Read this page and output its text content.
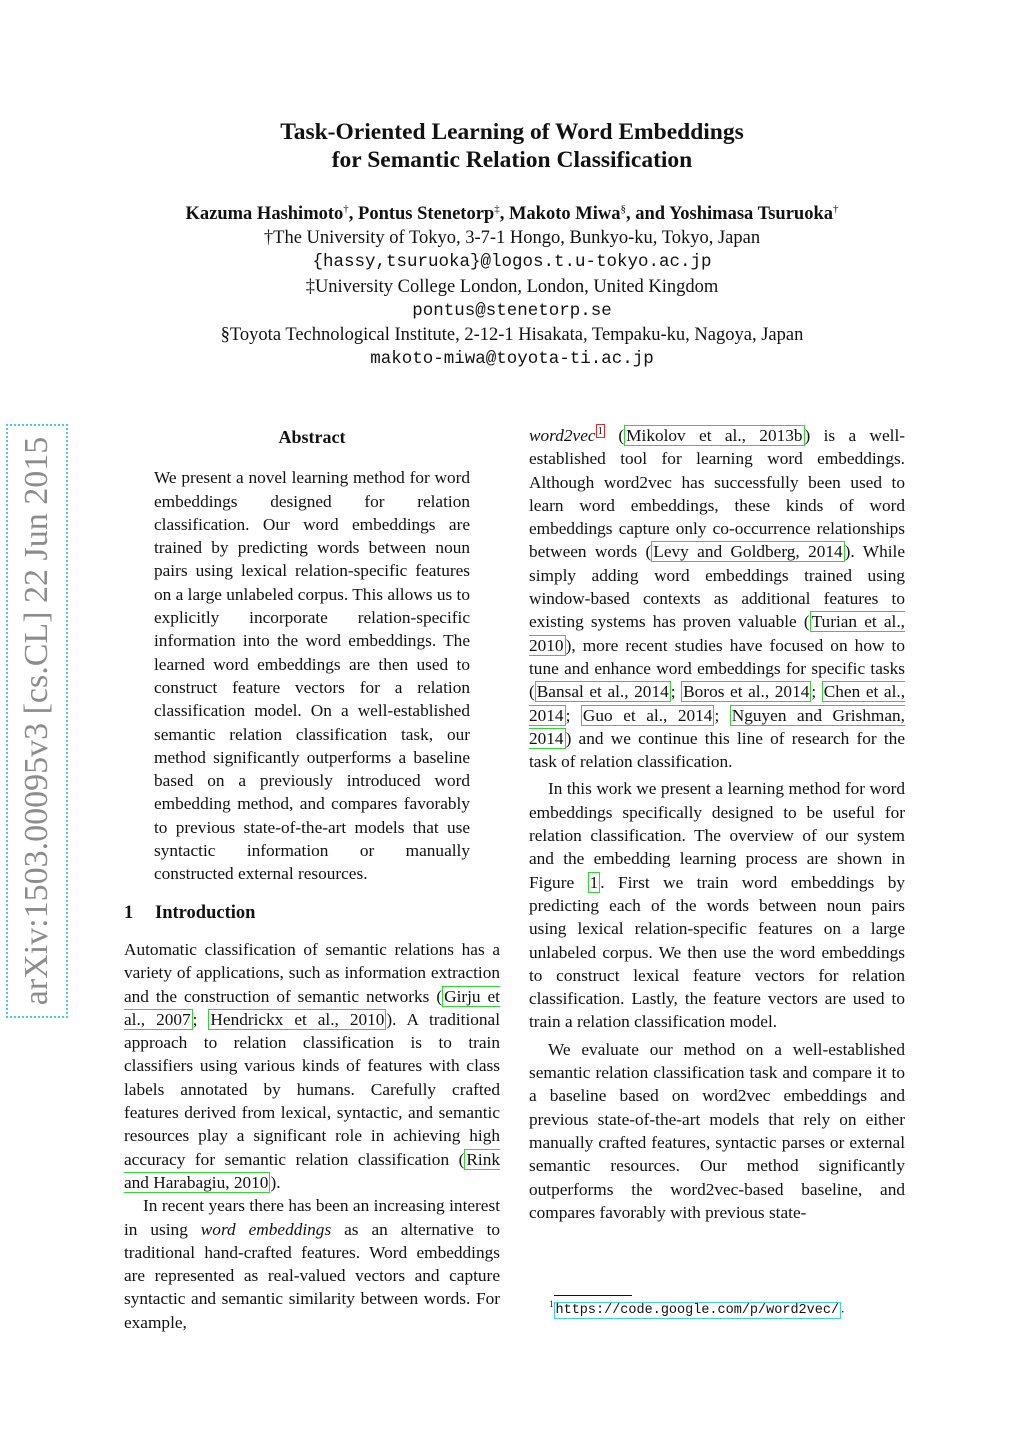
Task-Oriented Learning of Word Embeddings

for Semantic Relation Classification

Kazuma Hashimoto†, Pontus Stenetorp‡, Makoto Miwa§, and Yoshimasa Tsuruoka†
†The University of Tokyo, 3-7-1 Hongo, Bunkyo-ku, Tokyo, Japan
{hassy,tsuruoka}@logos.t.u-tokyo.ac.jp
‡University College London, London, United Kingdom
pontus@stenetorp.se
§Toyota Technological Institute, 2-12-1 Hisakata, Tempaku-ku, Nagoya, Japan
makoto-miwa@toyota-ti.ac.jp
arXiv:1503.00095v3 [cs.CL] 22 Jun 2015	Abstract

We present a novel learning method for word embeddings designed for relation classification. Our word embeddings are trained by predicting words between noun pairs using lexical relation-specific features on a large unlabeled corpus. This allows us to explicitly incorporate relation-specific information into the word embeddings. The learned word embeddings are then used to construct feature vectors for a relation classification model. On a well-established semantic relation classification task, our method significantly outperforms a baseline based on a previously introduced word embedding method, and compares favorably to previous state-of-the-art models that use syntactic information or manually constructed external resources.

1 Introduction

Automatic classification of semantic relations has a variety of applications, such as information extraction and the construction of semantic networks ( Girju et al., 2007 ; Hendrickx et al., 2010 ). A traditional approach to relation classification is to train classifiers using various kinds of features with class labels annotated by humans. Carefully crafted features derived from lexical, syntactic, and semantic resources play a significant role in achieving high accuracy for semantic relation classification ( Rink and Harabagiu, 2010 ).

In recent years there has been an increasing interest in using word embeddings as an alternative to traditional hand-crafted features. Word embeddings are represented as real-valued vectors and capture syntactic and semantic similarity between words. For example,

word2vec $^1$ ( Mikolov et al., 2013b ) is a well-established tool for learning word embeddings. Although word2vec has successfully been used to learn word embeddings, these kinds of word embeddings capture only co-occurrence relationships between words ( Levy and Goldberg, 2014 ). While simply adding word embeddings trained using window-based contexts as additional features to existing systems has proven valuable ( Turian et al., 2010 ), more recent studies have focused on how to tune and enhance word embeddings for specific tasks ( Bansal et al., 2014 ; Boros et al., 2014 ; Chen et al., 2014 ; Guo et al., 2014 ; Nguyen and Grishman, 2014 ) and we continue this line of research for the task of relation classification.

In this work we present a learning method for word embeddings specifically designed to be useful for relation classification. The overview of our system and the embedding learning process are shown in Figure 1 . First we train word embeddings by predicting each of the words between noun pairs using lexical relation-specific features on a large unlabeled corpus. We then use the word embeddings to construct lexical feature vectors for relation classification. Lastly, the feature vectors are used to train a relation classification model.

We evaluate our method on a well-established semantic relation classification task and compare it to a baseline based on word2vec embeddings and previous state-of-the-art models that rely on either manually crafted features, syntactic parses or external semantic resources. Our method significantly outperforms the word2vec-based baseline, and compares favorably with previous state-

$^1$ https://code.google.com/p/word2vec/ .
